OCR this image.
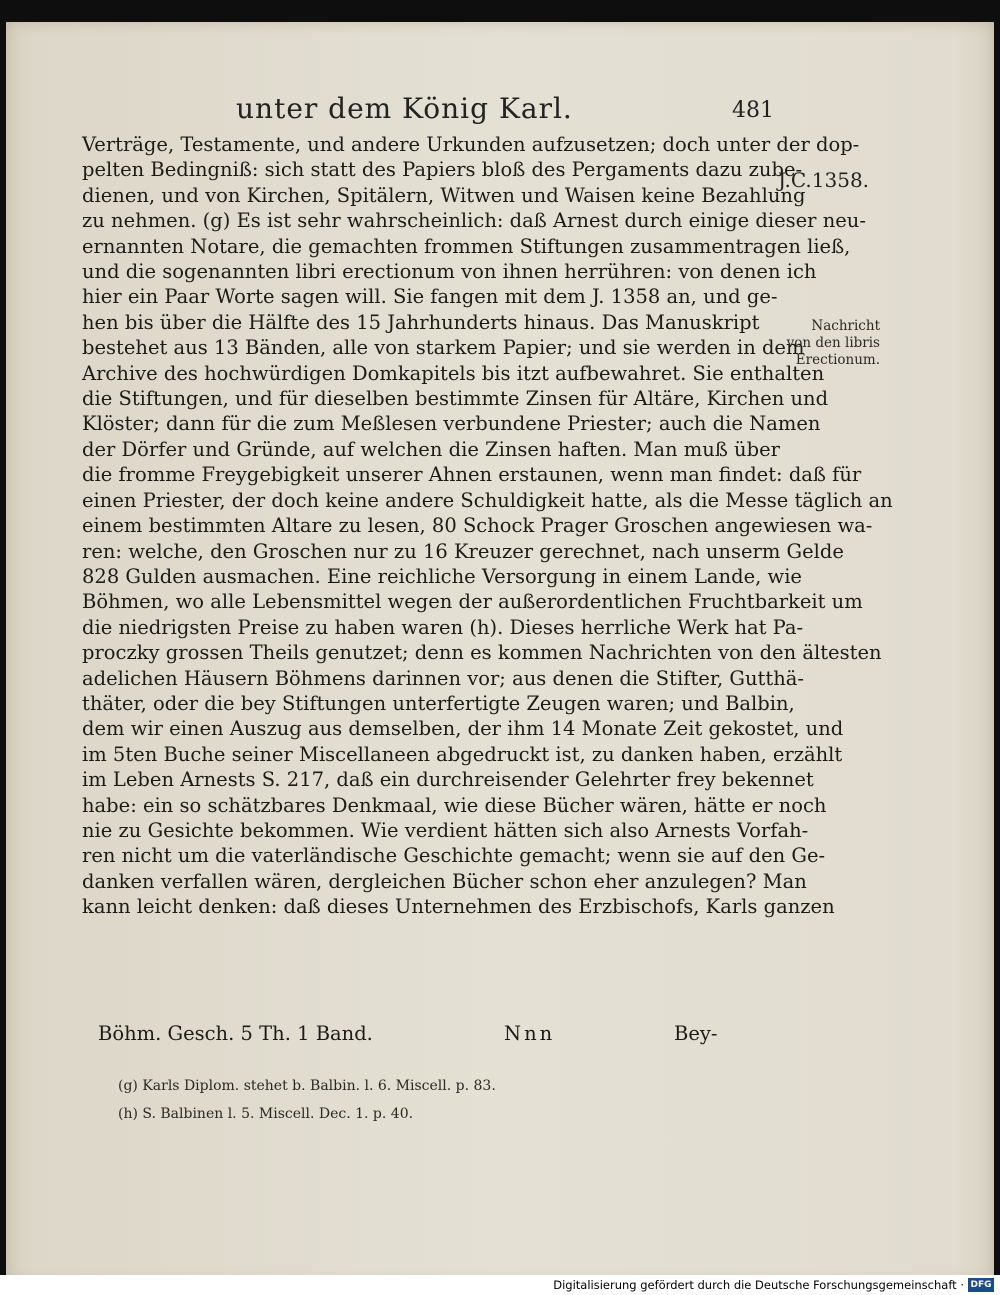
unter dem König Karl.	481
Verträge, Testamente, und andere Urkunden aufzusetzen; doch unter der dop-
pelten Bedingniß: sich statt des Papiers bloß des Pergaments dazu zube-
dienen, und von Kirchen, Spitälern, Witwen und Waisen keine Bezahlung
zu nehmen. (g) Es ist sehr wahrscheinlich: daß Arnest durch einige dieser neu-
ernannten Notare, die gemachten frommen Stiftungen zusammentragen ließ,
und die sogenannten libri erectionum von ihnen herrühren: von denen ich
hier ein Paar Worte sagen will. Sie fangen mit dem J. 1358 an, und ge-
hen bis über die Hälfte des 15 Jahrhunderts hinaus. Das Manuskript
bestehet aus 13 Bänden, alle von starkem Papier; und sie werden in dem
Archive des hochwürdigen Domkapitels bis itzt aufbewahret. Sie enthalten
die Stiftungen, und für dieselben bestimmte Zinsen für Altäre, Kirchen und
Klöster; dann für die zum Meßlesen verbundene Priester; auch die Namen
der Dörfer und Gründe, auf welchen die Zinsen haften. Man muß über
die fromme Freygebigkeit unserer Ahnen erstaunen, wenn man findet: daß für
einen Priester, der doch keine andere Schuldigkeit hatte, als die Messe täglich an
einem bestimmten Altare zu lesen, 80 Schock Prager Groschen angewiesen wa-
ren: welche, den Groschen nur zu 16 Kreuzer gerechnet, nach unserm Gelde
828 Gulden ausmachen. Eine reichliche Versorgung in einem Lande, wie
Böhmen, wo alle Lebensmittel wegen der außerordentlichen Fruchtbarkeit um
die niedrigsten Preise zu haben waren (h). Dieses herrliche Werk hat Pa-
proczky grossen Theils genutzet; denn es kommen Nachrichten von den ältesten
adelichen Häusern Böhmens darinnen vor; aus denen die Stifter, Gutthä-
thäter, oder die bey Stiftungen unterfertigte Zeugen waren; und Balbin,
dem wir einen Auszug aus demselben, der ihm 14 Monate Zeit gekostet, und
im 5ten Buche seiner Miscellaneen abgedruckt ist, zu danken haben, erzählt
im Leben Arnests S. 217, daß ein durchreisender Gelehrter frey bekennet
habe: ein so schätzbares Denkmaal, wie diese Bücher wären, hätte er noch
nie zu Gesichte bekommen. Wie verdient hätten sich also Arnests Vorfah-
ren nicht um die vaterländische Geschichte gemacht; wenn sie auf den Ge-
danken verfallen wären, dergleichen Bücher schon eher anzulegen? Man
kann leicht denken: daß dieses Unternehmen des Erzbischofs, Karls ganzen
J.C.1358.
Nachricht
von den libris
Erectionum.
Böhm. Gesch. 5 Th. 1 Band.	Nnn	Bey-
(g) Karls Diplom. stehet b. Balbin. l. 6. Miscell. p. 83.
(h) S. Balbinen l. 5. Miscell. Dec. 1. p. 40.
Digitalisierung gefördert durch die Deutsche Forschungsgemeinschaft · DFG
